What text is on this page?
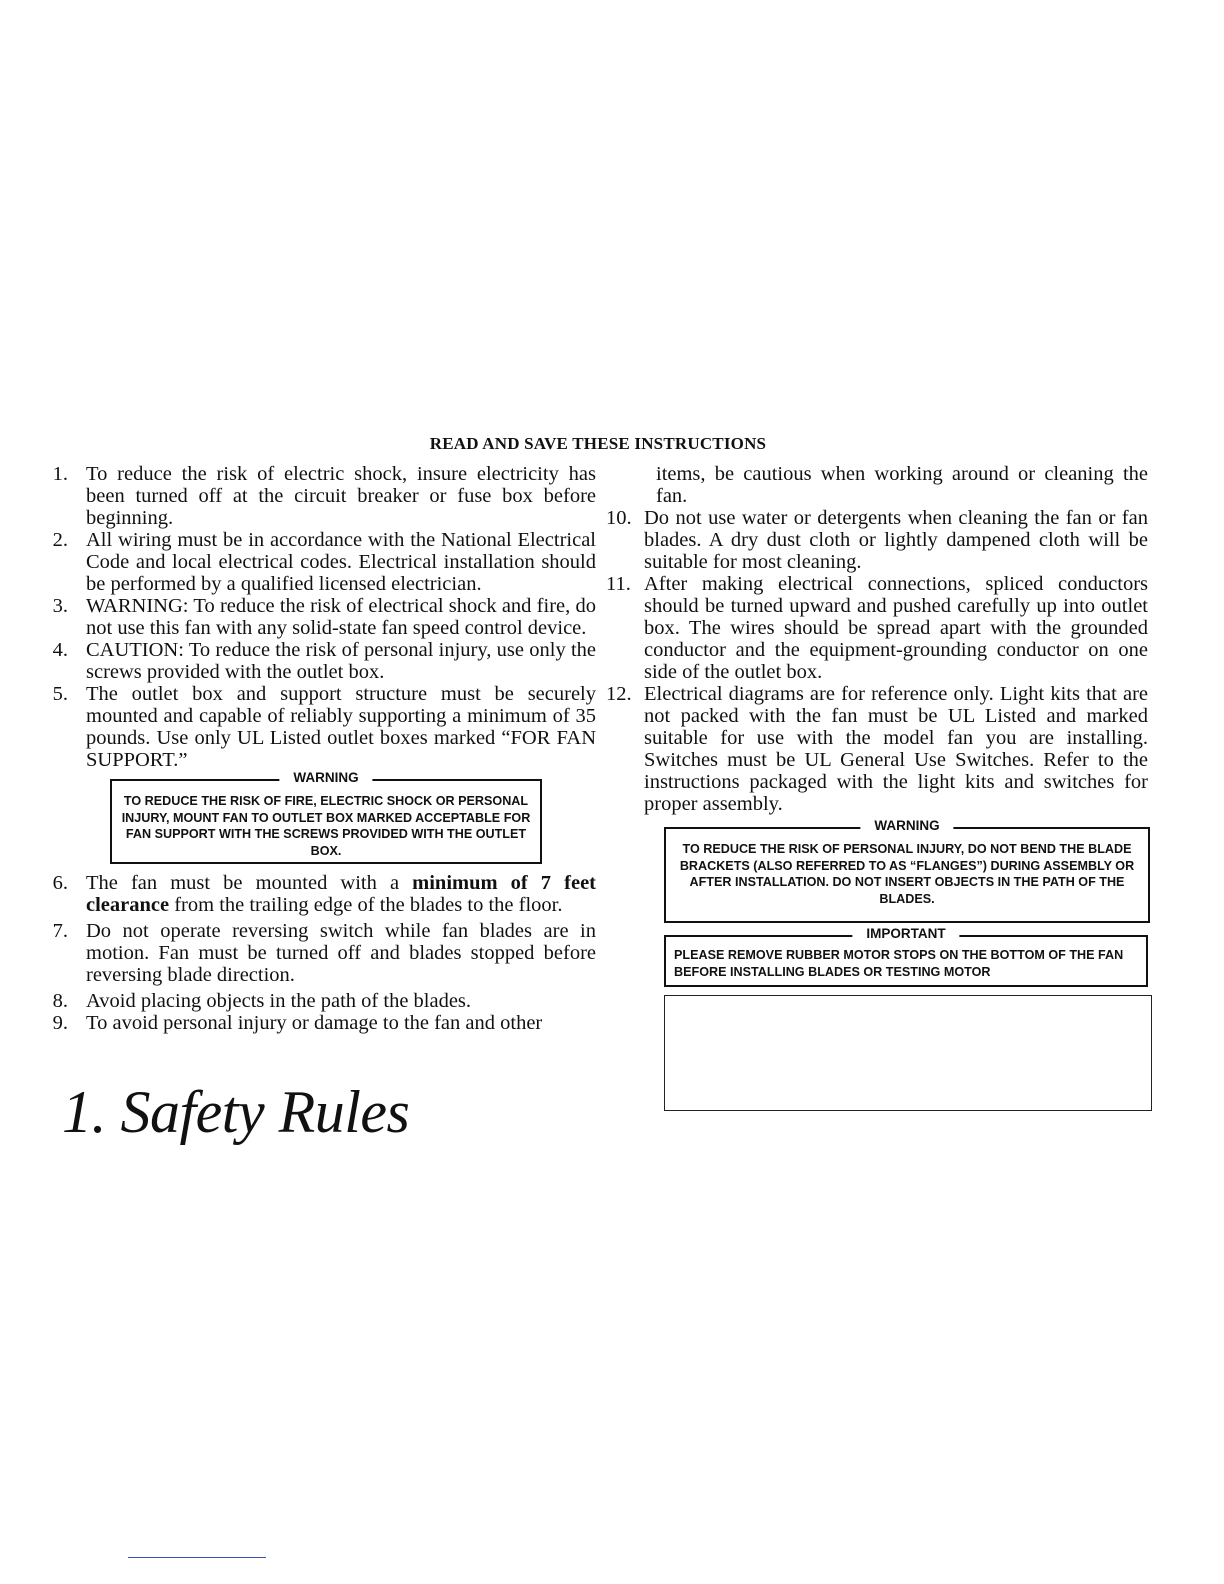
READ AND SAVE THESE INSTRUCTIONS
1. To reduce the risk of electric shock, insure electricity has been turned off at the circuit breaker or fuse box before beginning.
2. All wiring must be in accordance with the National Electrical Code and local electrical codes. Electrical installation should be performed by a qualified licensed electrician.
3. WARNING: To reduce the risk of electrical shock and fire, do not use this fan with any solid-state fan speed control device.
4. CAUTION: To reduce the risk of personal injury, use only the screws provided with the outlet box.
5. The outlet box and support structure must be securely mounted and capable of reliably supporting a minimum of 35 pounds. Use only UL Listed outlet boxes marked “FOR FAN SUPPORT.”
WARNING
TO REDUCE THE RISK OF FIRE, ELECTRIC SHOCK OR PERSONAL INJURY, MOUNT FAN TO OUTLET BOX MARKED ACCEPTABLE FOR FAN SUPPORT WITH THE SCREWS PROVIDED WITH THE OUTLET BOX.
6. The fan must be mounted with a minimum of 7 feet clearance from the trailing edge of the blades to the floor.
7. Do not operate reversing switch while fan blades are in motion. Fan must be turned off and blades stopped before reversing blade direction.
8. Avoid placing objects in the path of the blades.
9. To avoid personal injury or damage to the fan and other
items, be cautious when working around or cleaning the fan.
10. Do not use water or detergents when cleaning the fan or fan blades. A dry dust cloth or lightly dampened cloth will be suitable for most cleaning.
11. After making electrical connections, spliced conductors should be turned upward and pushed carefully up into outlet box. The wires should be spread apart with the grounded conductor and the equipment-grounding conductor on one side of the outlet box.
12. Electrical diagrams are for reference only. Light kits that are not packed with the fan must be UL Listed and marked suitable for use with the model fan you are installing. Switches must be UL General Use Switches. Refer to the instructions packaged with the light kits and switches for proper assembly.
WARNING
TO REDUCE THE RISK OF PERSONAL INJURY, DO NOT BEND THE BLADE BRACKETS (ALSO REFERRED TO AS “FLANGES”) DURING ASSEMBLY OR AFTER INSTALLATION. DO NOT INSERT OBJECTS IN THE PATH OF THE BLADES.
IMPORTANT
PLEASE REMOVE RUBBER MOTOR STOPS ON THE BOTTOM OF THE FAN BEFORE INSTALLING BLADES OR TESTING MOTOR
1. Safety Rules
